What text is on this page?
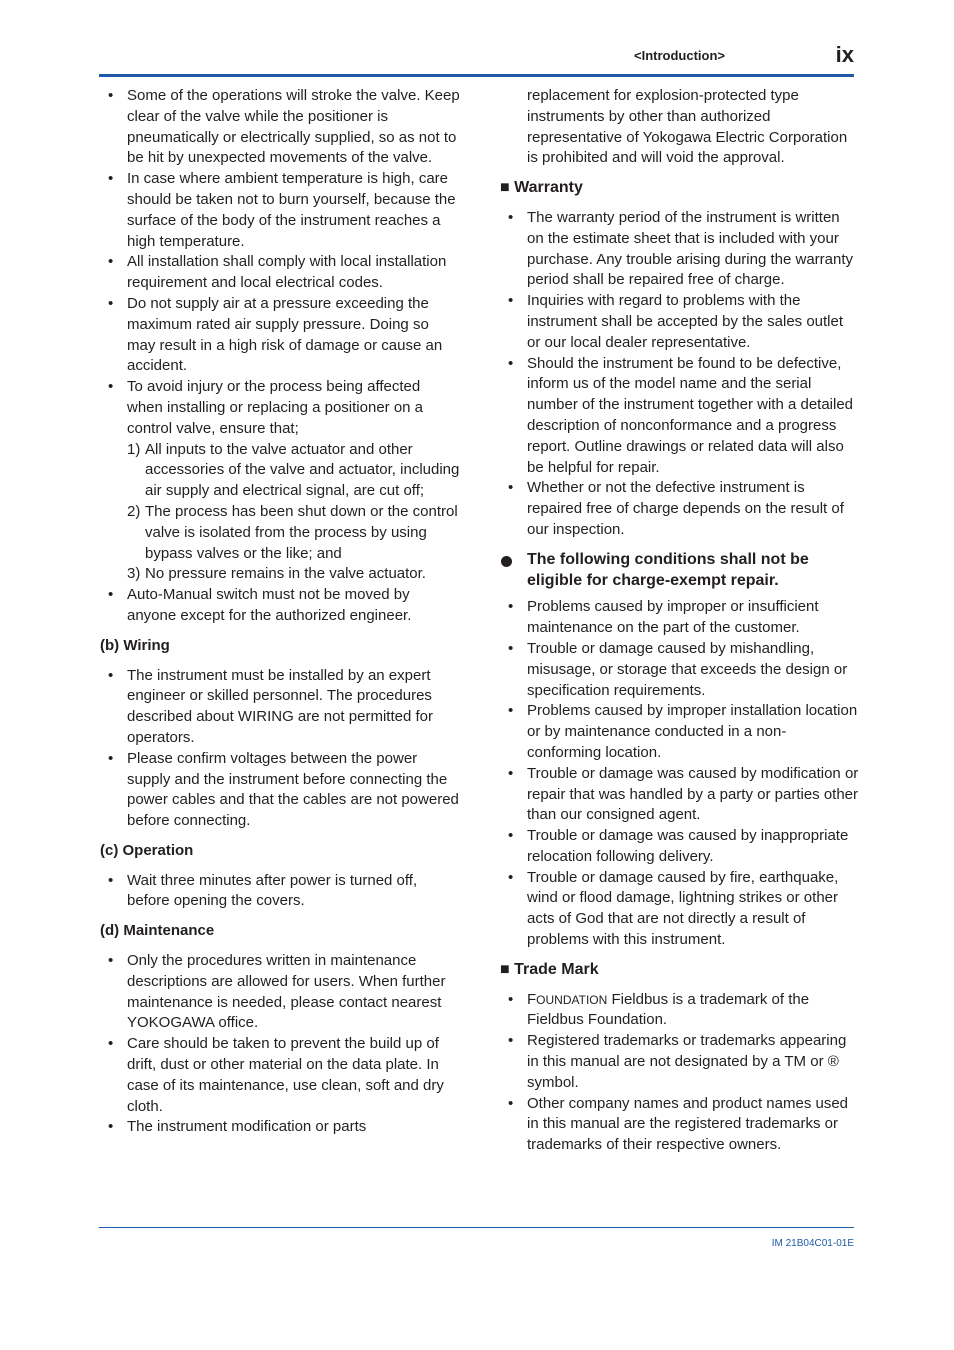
<Introduction>	ix
• Some of the operations will stroke the valve. Keep clear of the valve while the positioner is pneumatically or electrically supplied, so as not to be hit by unexpected movements of the valve.
• In case where ambient temperature is high, care should be taken not to burn yourself, because the surface of the body of the instrument reaches a high temperature.
• All installation shall comply with local installation requirement and local electrical codes.
• Do not supply air at a pressure exceeding the maximum rated air supply pressure. Doing so may result in a high risk of damage or cause an accident.
• To avoid injury or the process being affected when installing or replacing a positioner on a control valve, ensure that;
1) All inputs to the valve actuator and other accessories of the valve and actuator, including air supply and electrical signal, are cut off;
2) The process has been shut down or the control valve is isolated from the process by using bypass valves or the like; and
3) No pressure remains in the valve actuator.
• Auto-Manual switch must not be moved by anyone except for the authorized engineer.
(b) Wiring
• The instrument must be installed by an expert engineer or skilled personnel. The procedures described about WIRING are not permitted for operators.
• Please confirm voltages between the power supply and the instrument before connecting the power cables and that the cables are not powered before connecting.
(c) Operation
• Wait three minutes after power is turned off, before opening the covers.
(d) Maintenance
• Only the procedures written in maintenance descriptions are allowed for users. When further maintenance is needed, please contact nearest YOKOGAWA office.
• Care should be taken to prevent the build up of drift, dust or other material on the data plate. In case of its maintenance, use clean, soft and dry cloth.
• The instrument modification or parts
replacement for explosion-protected type instruments by other than authorized representative of Yokogawa Electric Corporation is prohibited and will void the approval.
■ Warranty
• The warranty period of the instrument is written on the estimate sheet that is included with your purchase. Any trouble arising during the warranty period shall be repaired free of charge.
• Inquiries with regard to problems with the instrument shall be accepted by the sales outlet or our local dealer representative.
• Should the instrument be found to be defective, inform us of the model name and the serial number of the instrument together with a detailed description of nonconformance and a progress report. Outline drawings or related data will also be helpful for repair.
• Whether or not the defective instrument is repaired free of charge depends on the result of our inspection.
The following conditions shall not be eligible for charge-exempt repair.
• Problems caused by improper or insufficient maintenance on the part of the customer.
• Trouble or damage caused by mishandling, misusage, or storage that exceeds the design or specification requirements.
• Problems caused by improper installation location or by maintenance conducted in a non-conforming location.
• Trouble or damage was caused by modification or repair that was handled by a party or parties other than our consigned agent.
• Trouble or damage was caused by inappropriate relocation following delivery.
• Trouble or damage caused by fire, earthquake, wind or flood damage, lightning strikes or other acts of God that are not directly a result of problems with this instrument.
■ Trade Mark
• FOUNDATION Fieldbus is a trademark of the Fieldbus Foundation.
• Registered trademarks or trademarks appearing in this manual are not designated by a TM or ® symbol.
• Other company names and product names used in this manual are the registered trademarks or trademarks of their respective owners.
IM 21B04C01-01E
